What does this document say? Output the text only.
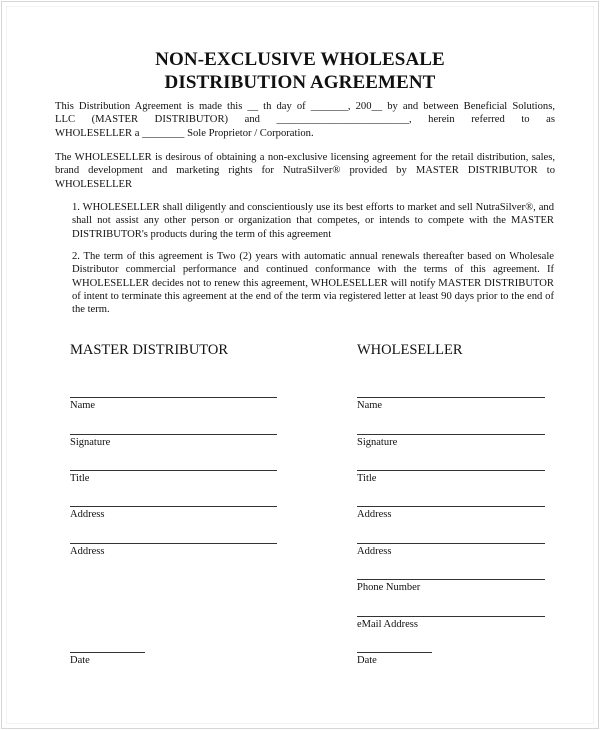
NON-EXCLUSIVE WHOLESALE
DISTRIBUTION AGREEMENT
This Distribution Agreement is made this __ th day of _______, 200__ by and between Beneficial Solutions,
LLC (MASTER DISTRIBUTOR) and _________________________, herein referred to as
WHOLESELLER a ________ Sole Proprietor / Corporation.
The WHOLESELLER is desirous of obtaining a non-exclusive licensing agreement for the retail distribution, sales, brand development and marketing rights for NutraSilver® provided by MASTER DISTRIBUTOR to WHOLESELLER
1. WHOLESELLER shall diligently and conscientiously use its best efforts to market and sell NutraSilver®, and shall not assist any other person or organization that competes, or intends to compete with the MASTER DISTRIBUTOR's products during the term of this agreement
2. The term of this agreement is Two (2) years with automatic annual renewals thereafter based on Wholesale Distributor commercial performance and continued conformance with the terms of this agreement. If WHOLESELLER decides not to renew this agreement, WHOLESELLER will notify MASTER DISTRIBUTOR of intent to terminate this agreement at the end of the term via registered letter at least 90 days prior to the end of the term.
MASTER DISTRIBUTOR
Name
Signature
Title
Address
Address
Date
WHOLESELLER
Name
Signature
Title
Address
Address
Phone Number
eMail Address
Date
